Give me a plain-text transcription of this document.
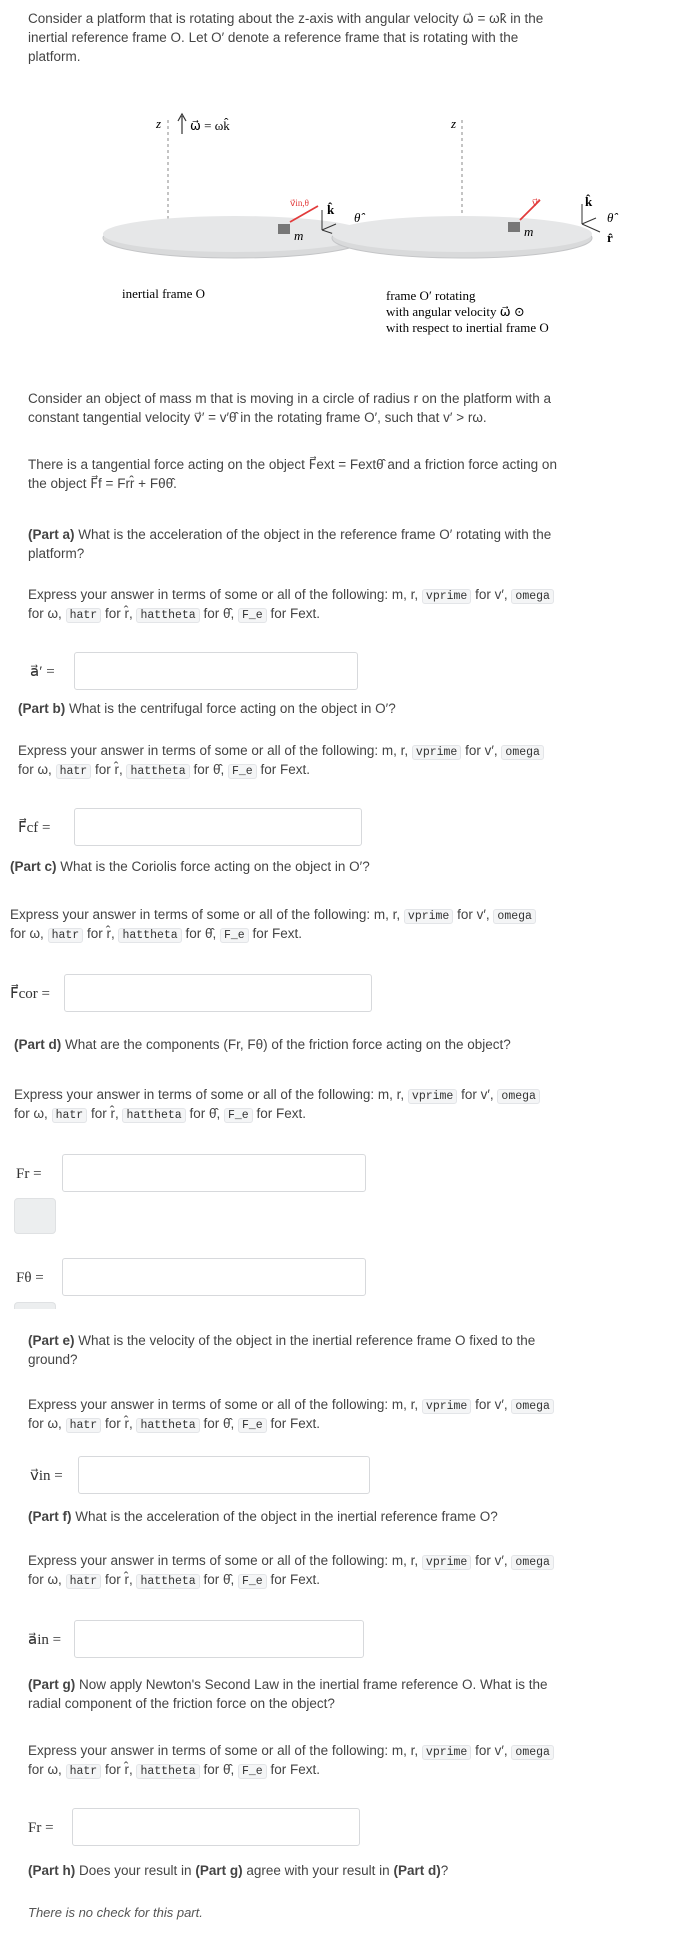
Consider a platform that is rotating about the z-axis with angular velocity ω⃗ = ωk̂ in the

inertial reference frame O. Let O′ denote a reference frame that is rotating with the

platform.

z ω⃗ = ωk̂
v⃗in,θ
m
k̂
θ̂
z
v⃗′
m
k̂
θ̂
r̂
inertial frame O	frame O′ rotating
with angular velocity ω⃗ ⊙
with respect to inertial frame O

Consider an object of mass m that is moving in a circle of radius r on the platform with a

constant tangential velocity v⃗′ = v′θ̂ in the rotating frame O′, such that v′ > rω.

There is a tangential force acting on the object F⃗ext = Fextθ̂ and a friction force acting on

the object F⃗f = Frr̂ + Fθθ̂.

(Part a) What is the acceleration of the object in the reference frame O′ rotating with the

platform?

Express your answer in terms of some or all of the following: m, r, vprime for v′, omega

for ω, hatr for r̂, hattheta for θ̂, F_e for Fext.

a⃗′ =

(Part b) What is the centrifugal force acting on the object in O′?

Express your answer in terms of some or all of the following: m, r, vprime for v′, omega

for ω, hatr for r̂, hattheta for θ̂, F_e for Fext.

F⃗cf =

(Part c) What is the Coriolis force acting on the object in O′?

Express your answer in terms of some or all of the following: m, r, vprime for v′, omega

for ω, hatr for r̂, hattheta for θ̂, F_e for Fext.

F⃗cor =

(Part d) What are the components (Fr, Fθ) of the friction force acting on the object?

Express your answer in terms of some or all of the following: m, r, vprime for v′, omega

for ω, hatr for r̂, hattheta for θ̂, F_e for Fext.

Fr =
Fθ =

(Part e) What is the velocity of the object in the inertial reference frame O fixed to the

ground?

Express your answer in terms of some or all of the following: m, r, vprime for v′, omega

for ω, hatr for r̂, hattheta for θ̂, F_e for Fext.

v⃗in =

(Part f) What is the acceleration of the object in the inertial reference frame O?

Express your answer in terms of some or all of the following: m, r, vprime for v′, omega

for ω, hatr for r̂, hattheta for θ̂, F_e for Fext.

a⃗in =

(Part g) Now apply Newton's Second Law in the inertial frame reference O. What is the

radial component of the friction force on the object?

Express your answer in terms of some or all of the following: m, r, vprime for v′, omega

for ω, hatr for r̂, hattheta for θ̂, F_e for Fext.

Fr =

(Part h) Does your result in (Part g) agree with your result in (Part d)?

There is no check for this part.
